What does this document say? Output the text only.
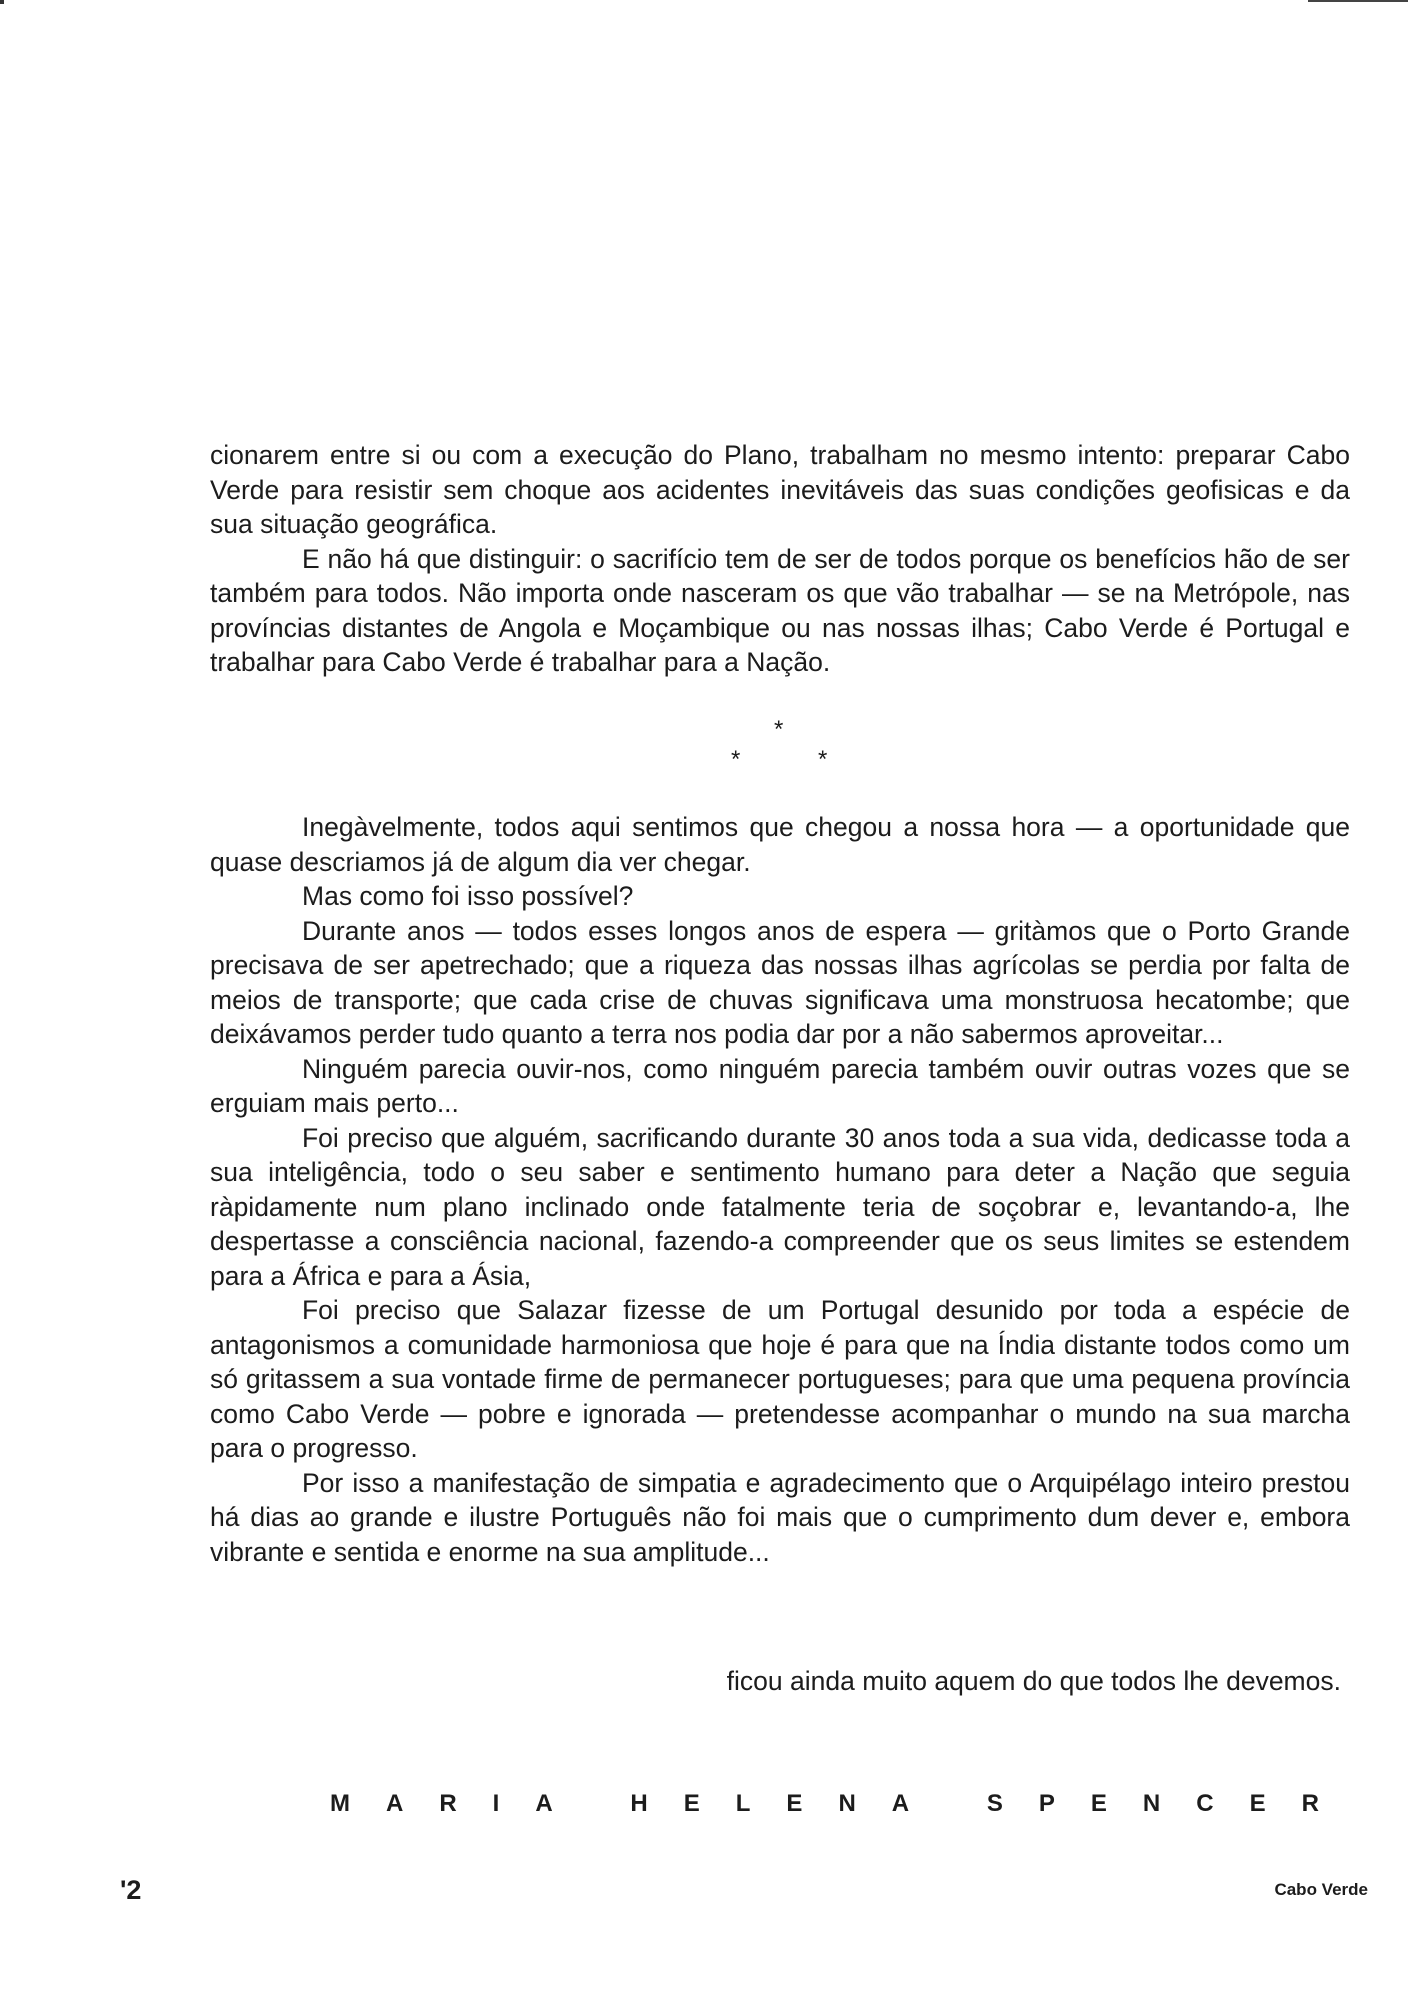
cionarem entre si ou com a execução do Plano, trabalham no mesmo intento: preparar Cabo Verde para resistir sem choque aos acidentes inevitáveis das suas condições geofisicas e da sua situação geográfica.

E não há que distinguir: o sacrifício tem de ser de todos porque os benefícios hão de ser também para todos. Não importa onde nasceram os que vão trabalhar — se na Metrópole, nas províncias distantes de Angola e Moçambique ou nas nossas ilhas; Cabo Verde é Portugal e trabalhar para Cabo Verde é trabalhar para a Nação.

*
*	*

Inegàvelmente, todos aqui sentimos que chegou a nossa hora — a oportunidade que quase descriamos já de algum dia ver chegar.

Mas como foi isso possível?

Durante anos — todos esses longos anos de espera — gritàmos que o Porto Grande precisava de ser apetrechado; que a riqueza das nossas ilhas agrícolas se perdia por falta de meios de transporte; que cada crise de chuvas significava uma monstruosa hecatombe; que deixávamos perder tudo quanto a terra nos podia dar por a não sabermos aproveitar...

Ninguém parecia ouvir-nos, como ninguém parecia também ouvir outras vozes que se erguiam mais perto...

Foi preciso que alguém, sacrificando durante 30 anos toda a sua vida, dedicasse toda a sua inteligência, todo o seu saber e sentimento humano para deter a Nação que seguia ràpidamente num plano inclinado onde fatalmente teria de soçobrar e, levantando-a, lhe despertasse a consciência nacional, fazendo-a compreender que os seus limites se estendem para a África e para a Ásia,

Foi preciso que Salazar fizesse de um Portugal desunido por toda a espécie de antagonismos a comunidade harmoniosa que hoje é para que na Índia distante todos como um só gritassem a sua vontade firme de permanecer portugueses; para que uma pequena província como Cabo Verde — pobre e ignorada — pretendesse acompanhar o mundo na sua marcha para o progresso.

Por isso a manifestação de simpatia e agradecimento que o Arquipélago inteiro prestou há dias ao grande e ilustre Português não foi mais que o cumprimento dum dever e, embora vibrante e sentida e enorme na sua amplitude...

ficou ainda muito aquem do que todos lhe devemos.
MARIA HELENA SPENCER
'2	Cabo Verde
